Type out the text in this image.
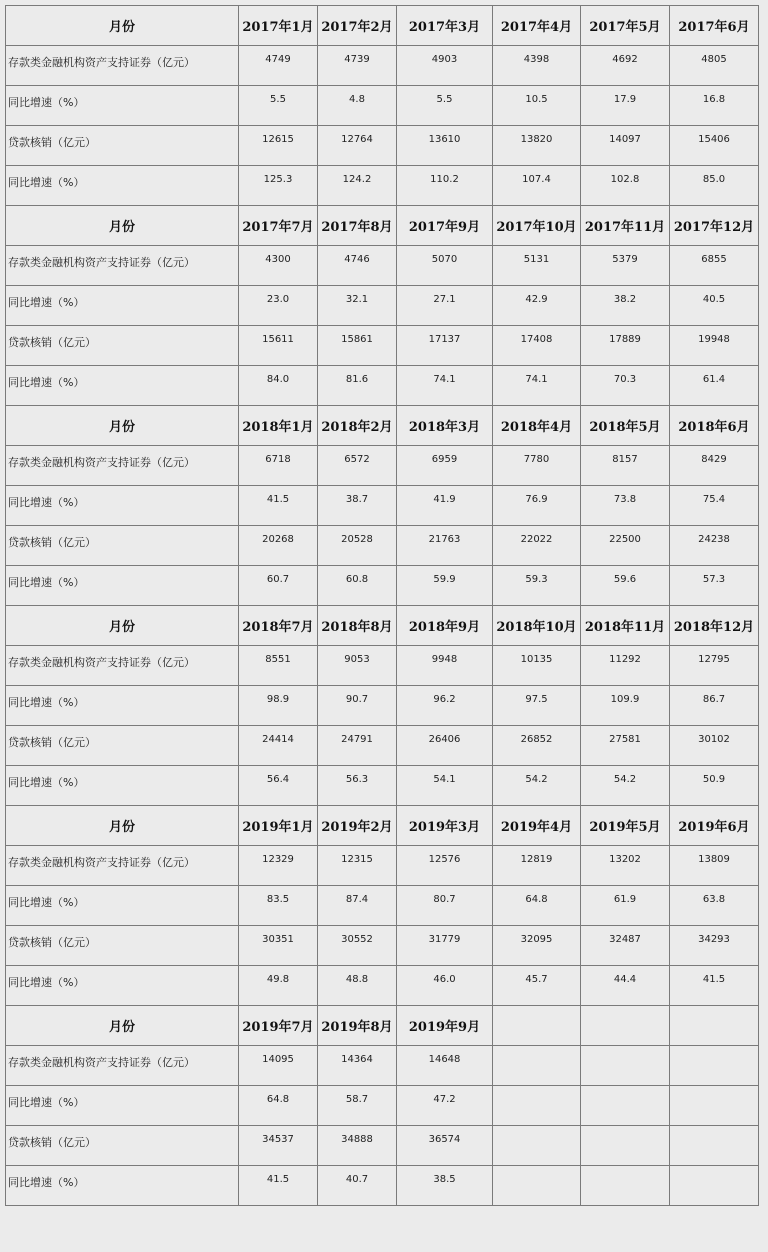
月份	2017年1月	2017年2月	2017年3月	2017年4月	2017年5月	2017年6月
存款类金融机构资产支持证券（亿元）	4749	4739	4903	4398	4692	4805
同比增速（%）	5.5	4.8	5.5	10.5	17.9	16.8
贷款核销（亿元）	12615	12764	13610	13820	14097	15406
同比增速（%）	125.3	124.2	110.2	107.4	102.8	85.0
月份	2017年7月	2017年8月	2017年9月	2017年10月	2017年11月	2017年12月
存款类金融机构资产支持证券（亿元）	4300	4746	5070	5131	5379	6855
同比增速（%）	23.0	32.1	27.1	42.9	38.2	40.5
贷款核销（亿元）	15611	15861	17137	17408	17889	19948
同比增速（%）	84.0	81.6	74.1	74.1	70.3	61.4
月份	2018年1月	2018年2月	2018年3月	2018年4月	2018年5月	2018年6月
存款类金融机构资产支持证券（亿元）	6718	6572	6959	7780	8157	8429
同比增速（%）	41.5	38.7	41.9	76.9	73.8	75.4
贷款核销（亿元）	20268	20528	21763	22022	22500	24238
同比增速（%）	60.7	60.8	59.9	59.3	59.6	57.3
月份	2018年7月	2018年8月	2018年9月	2018年10月	2018年11月	2018年12月
存款类金融机构资产支持证券（亿元）	8551	9053	9948	10135	11292	12795
同比增速（%）	98.9	90.7	96.2	97.5	109.9	86.7
贷款核销（亿元）	24414	24791	26406	26852	27581	30102
同比增速（%）	56.4	56.3	54.1	54.2	54.2	50.9
月份	2019年1月	2019年2月	2019年3月	2019年4月	2019年5月	2019年6月
存款类金融机构资产支持证券（亿元）	12329	12315	12576	12819	13202	13809
同比增速（%）	83.5	87.4	80.7	64.8	61.9	63.8
贷款核销（亿元）	30351	30552	31779	32095	32487	34293
同比增速（%）	49.8	48.8	46.0	45.7	44.4	41.5
月份	2019年7月	2019年8月	2019年9月			
存款类金融机构资产支持证券（亿元）	14095	14364	14648			
同比增速（%）	64.8	58.7	47.2			
贷款核销（亿元）	34537	34888	36574			
同比增速（%）	41.5	40.7	38.5			
